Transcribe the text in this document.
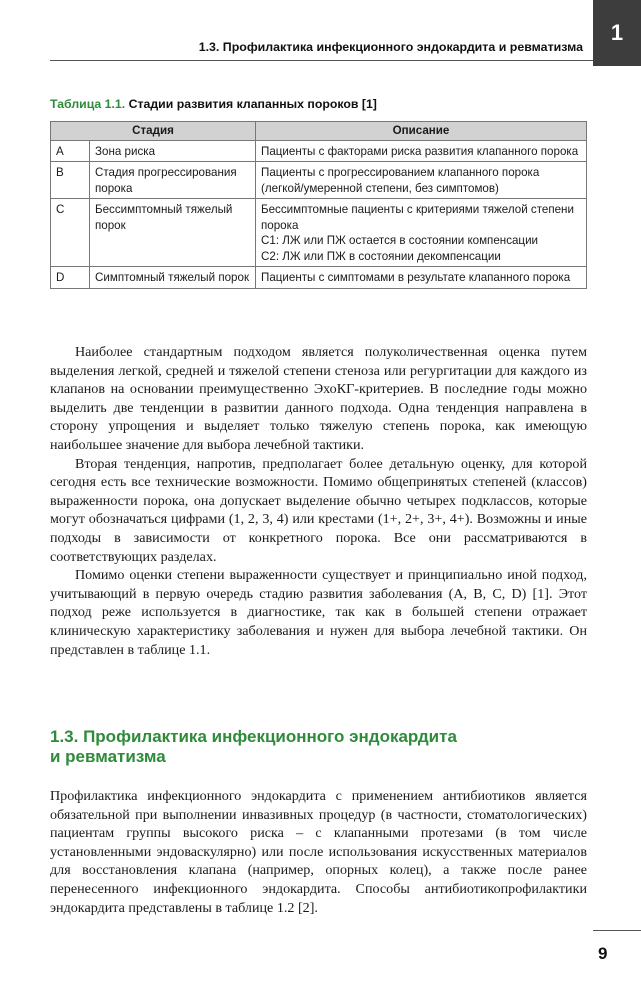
1.3. Профилактика инфекционного эндокардита и ревматизма
1
Таблица 1.1. Стадии развития клапанных пороков [1]
Стадия		Описание
A	Зона риска	Пациенты с факторами риска развития клапанного порока

B	Стадия прогрессирования порока	Пациенты с прогрессированием клапанного порока (легкой/умеренной степени, без симптомов)

C	Бессимптомный тяжелый порок	Бессимптомные пациенты с критериями тяжелой степени порока
C1: ЛЖ или ПЖ остается в состоянии компенсации
C2: ЛЖ или ПЖ в состоянии декомпенсации

D	Симптомный тяжелый порок	Пациенты с симптомами в результате клапанного порока

Наиболее стандартным подходом является полуколичественная оценка путем выделения легкой, средней и тяжелой степени стеноза или регургитации для каждого из клапанов на основании преимущественно ЭхоКГ-критериев. В последние годы можно выделить две тенденции в развитии данного подхода. Одна тенденция направлена в сторону упрощения и выделяет только тяжелую степень порока, как имеющую наибольшее значение для выбора лечебной тактики.

Вторая тенденция, напротив, предполагает более детальную оценку, для которой сегодня есть все технические возможности. Помимо общепринятых степеней (классов) выраженности порока, она допускает выделение обычно четырех подклассов, которые могут обозначаться цифрами (1, 2, 3, 4) или крестами (1+, 2+, 3+, 4+). Возможны и иные подходы в зависимости от конкретного порока. Все они рассматриваются в соответствующих разделах.

Помимо оценки степени выраженности существует и принципиально иной подход, учитывающий в первую очередь стадию развития заболевания (A, B, C, D) [1]. Этот подход реже используется в диагностике, так как в большей степени отражает клиническую характеристику заболевания и нужен для выбора лечебной тактики. Он представлен в таблице 1.1.

1.3. Профилактика инфекционного эндокардита
и ревматизма

Профилактика инфекционного эндокардита с применением антибиотиков является обязательной при выполнении инвазивных процедур (в частности, стоматологических) пациентам группы высокого риска – с клапанными протезами (в том числе установленными эндоваскулярно) или после использования искусственных материалов для восстановления клапана (например, опорных колец), а также после ранее перенесенного инфекционного эндокардита. Способы антибиотикопрофилактики эндокардита представлены в таблице 1.2 [2].

9
